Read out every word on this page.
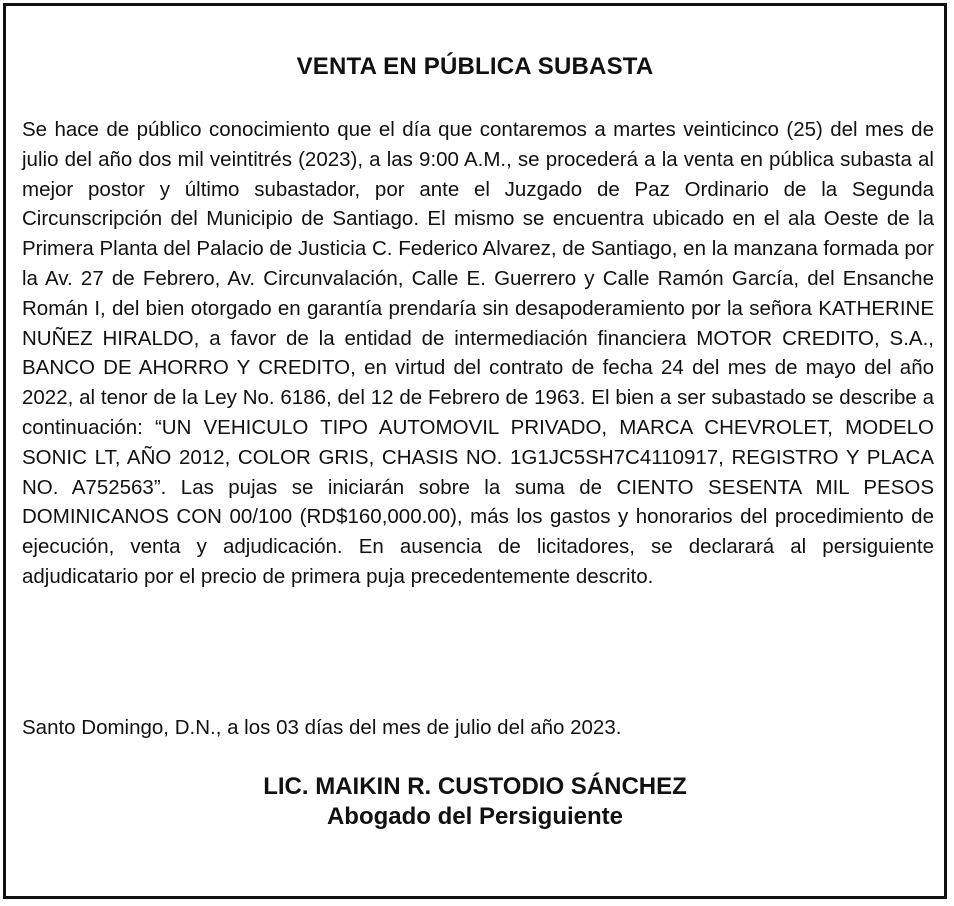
VENTA EN PÚBLICA SUBASTA

Se hace de público conocimiento que el día que contaremos a martes veinticinco (25) del mes de julio del año dos mil veintitrés (2023), a las 9:00 A.M., se procederá a la venta en pública subasta al mejor postor y último subastador, por ante el Juzgado de Paz Ordinario de la Segunda Circunscripción del Municipio de Santiago. El mismo se encuentra ubicado en el ala Oeste de la Primera Planta del Palacio de Justicia C. Federico Alvarez, de Santiago, en la manzana formada por la Av. 27 de Febrero, Av. Circunvalación, Calle E. Guerrero y Calle Ramón García, del Ensanche Román I, del bien otorgado en garantía prendaría sin desapoderamiento por la señora KATHERINE NUÑEZ HIRALDO, a favor de la entidad de intermediación financiera MOTOR CREDITO, S.A., BANCO DE AHORRO Y CREDITO, en virtud del contrato de fecha 24 del mes de mayo del año 2022, al tenor de la Ley No. 6186, del 12 de Febrero de 1963. El bien a ser subastado se describe a continuación: “UN VEHICULO TIPO AUTOMOVIL PRIVADO, MARCA CHEVROLET, MODELO SONIC LT, AÑO 2012, COLOR GRIS, CHASIS NO. 1G1JC5SH7C4110917, REGISTRO Y PLACA NO. A752563”. Las pujas se iniciarán sobre la suma de CIENTO SESENTA MIL PESOS DOMINICANOS CON 00/100 (RD$160,000.00), más los gastos y honorarios del procedimiento de ejecución, venta y adjudicación. En ausencia de licitadores, se declarará al persiguiente adjudicatario por el precio de primera puja precedentemente descrito.

Santo Domingo, D.N., a los 03 días del mes de julio del año 2023.

LIC. MAIKIN R. CUSTODIO SÁNCHEZ
Abogado del Persiguiente
